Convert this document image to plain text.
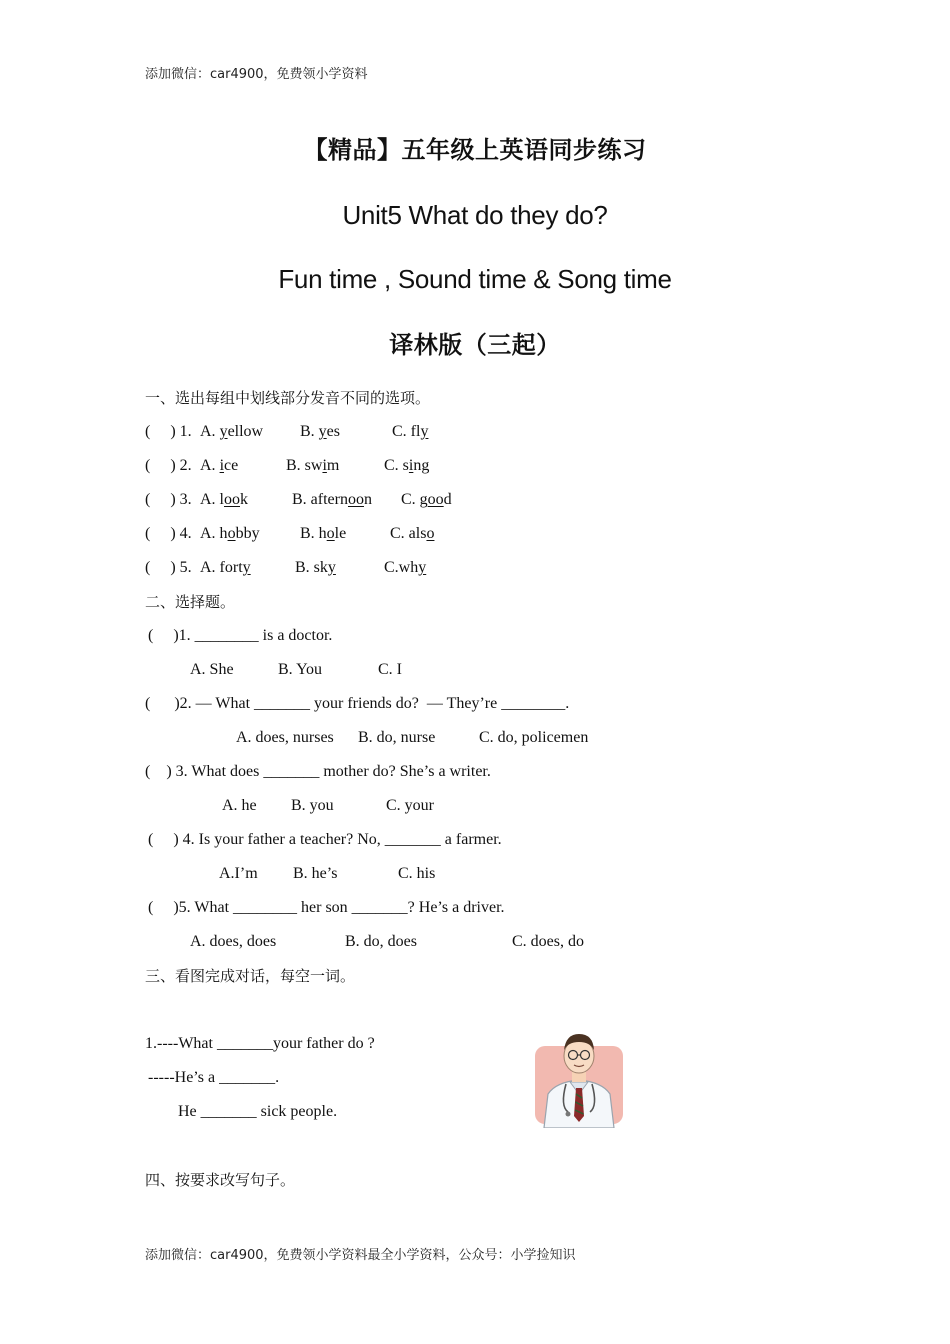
添加微信：car4900，免费领小学资料
【精品】五年级上英语同步练习
Unit5 What do they do?
Fun time , Sound time & Song time
译林版（三起）
一、选出每组中划线部分发音不同的选项。
(     ) 1. A. yellow B. yes	C. fly
(     ) 2. A. ice	B. swim	C. sing
(     ) 3. A. look	B. afternoon C. good
(     ) 4. A. hobby	B. hole	C. also
(     ) 5. A. forty	B. sky	C.why
二、选择题。
(     )1. ________ is a doctor.
A. She	B. You	C. I
(      )2. — What _______ your friends do?  — They’re ________.
A. does, nurses B. do, nurse	C. do, policemen
(    ) 3. What does _______ mother do? She’s a writer.
A. he B. you	C. your
(     ) 4. Is your father a teacher? No, _______ a farmer.
A.I’m B. he’s	C. his
(     )5. What ________ her son _______? He’s a driver.
A. does, does	B. do, does	C. does, do
三、看图完成对话，每空一词。
1.----What _______your father do ?
-----He’s a _______.
He _______ sick people.
四、按要求改写句子。
添加微信：car4900，免费领小学资料最全小学资料，公众号：小学捡知识
